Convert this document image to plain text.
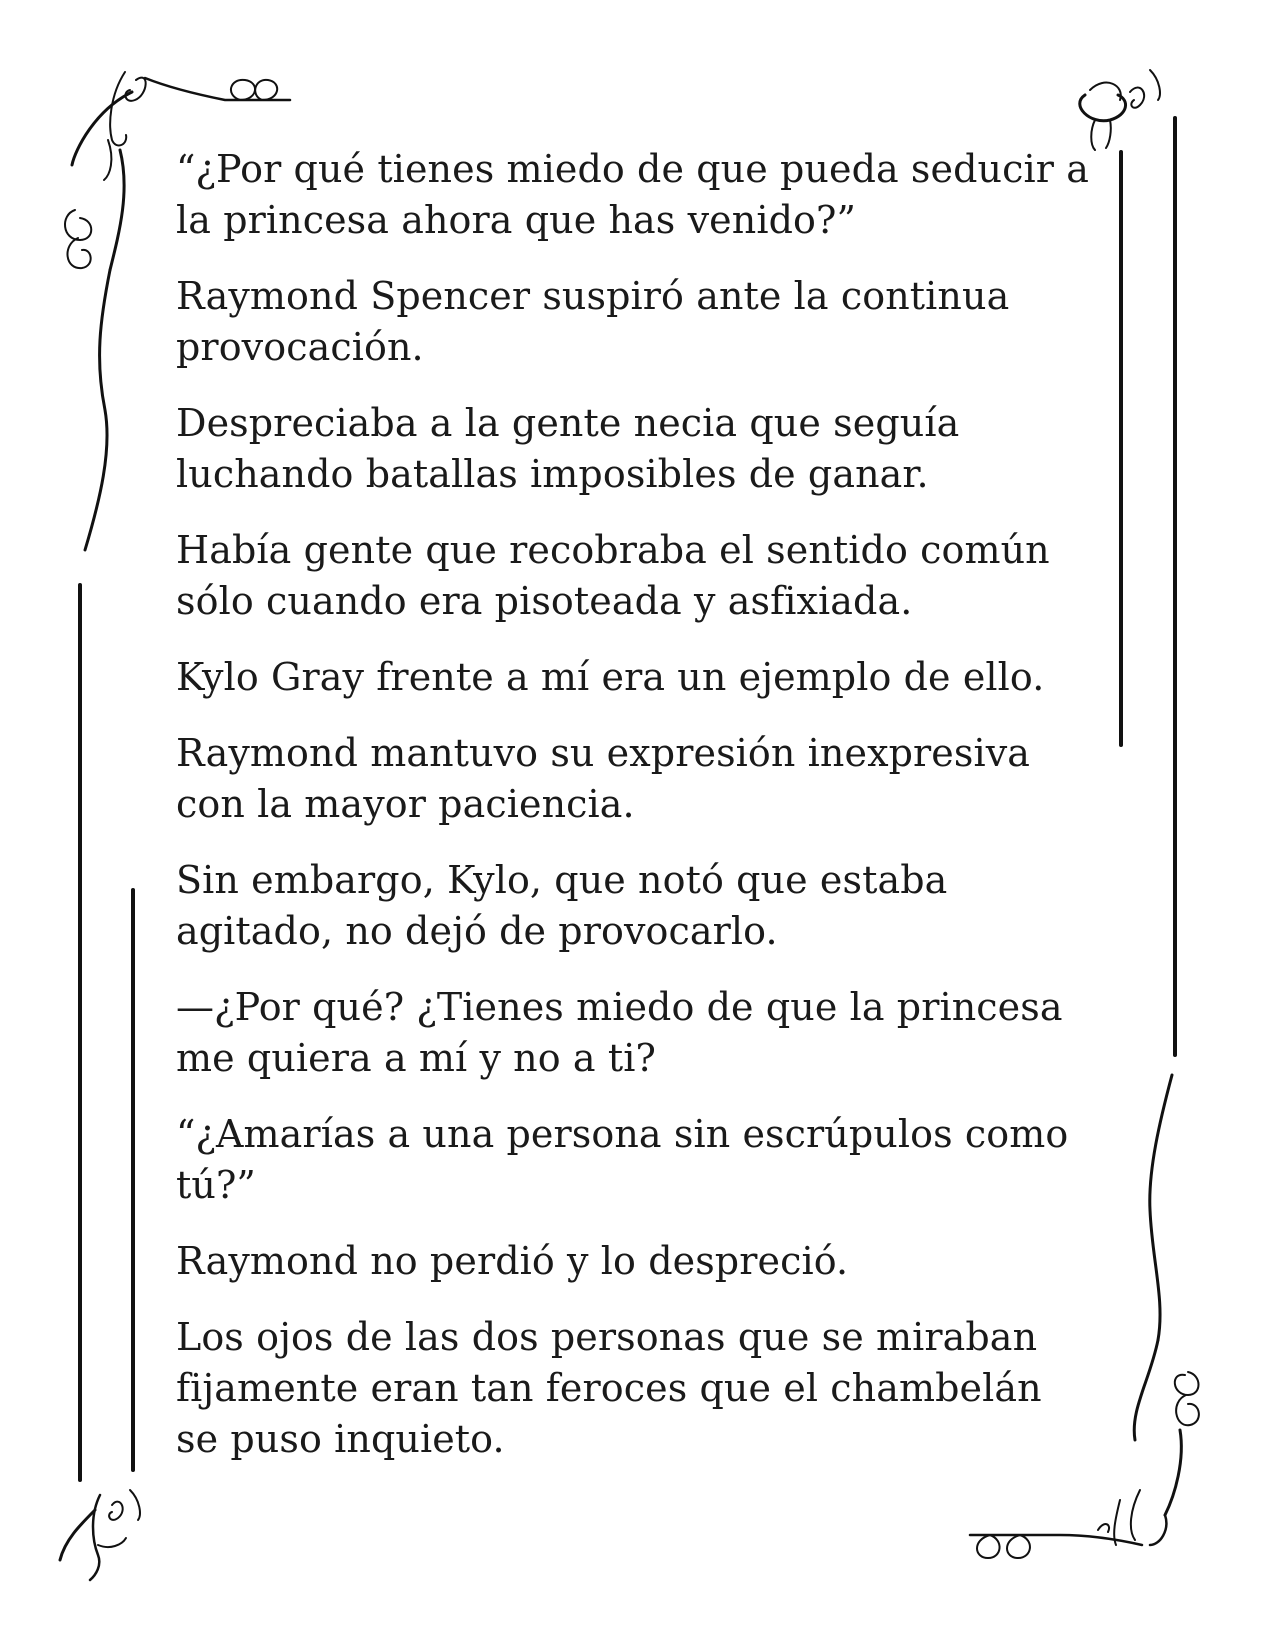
“¿Por qué tienes miedo de que pueda seducir a la princesa ahora que has venido?”

Raymond Spencer suspiró ante la continua provocación.

Despreciaba a la gente necia que seguía luchando batallas imposibles de ganar.

Había gente que recobraba el sentido común sólo cuando era pisoteada y asfixiada.

Kylo Gray frente a mí era un ejemplo de ello.

Raymond mantuvo su expresión inexpresiva con la mayor paciencia.

Sin embargo, Kylo, que notó que estaba agitado, no dejó de provocarlo.

—¿Por qué? ¿Tienes miedo de que la princesa me quiera a mí y no a ti?

“¿Amarías a una persona sin escrúpulos como tú?”

Raymond no perdió y lo despreció.

Los ojos de las dos personas que se miraban fijamente eran tan feroces que el chambelán se puso inquieto.
